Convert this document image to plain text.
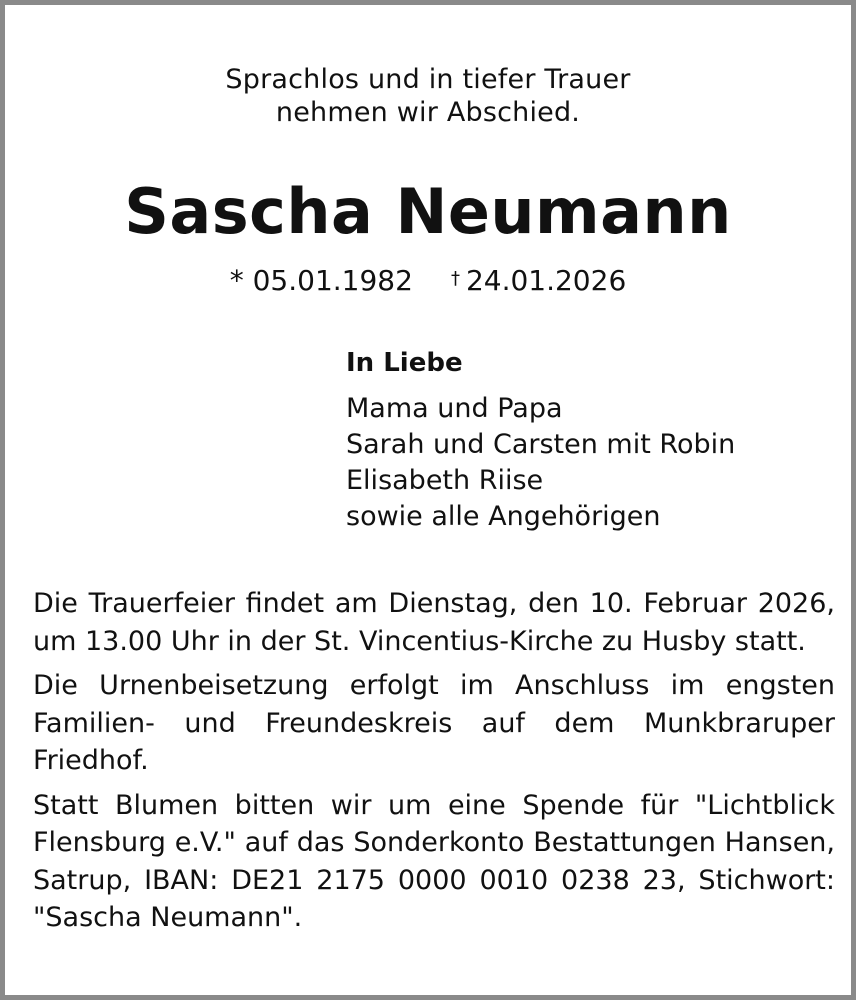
Sprachlos und in tiefer Trauer
nehmen wir Abschied.
Sascha Neumann
* 05.01.1982 † 24.01.2026
In Liebe
Mama und Papa
Sarah und Carsten mit Robin
Elisabeth Riise
sowie alle Angehörigen

Die Trauerfeier findet am Dienstag, den 10. Februar 2026, um 13.00 Uhr in der St. Vincentius-Kirche zu Husby statt.

Die Urnenbeisetzung erfolgt im Anschluss im engsten Familien- und Freundeskreis auf dem Munkbraruper Friedhof.

Statt Blumen bitten wir um eine Spende für "Lichtblick Flensburg e.V." auf das Sonderkonto Bestattungen Hansen, Satrup, IBAN: DE21 2175 0000 0010 0238 23, Stichwort: "Sascha Neumann".
